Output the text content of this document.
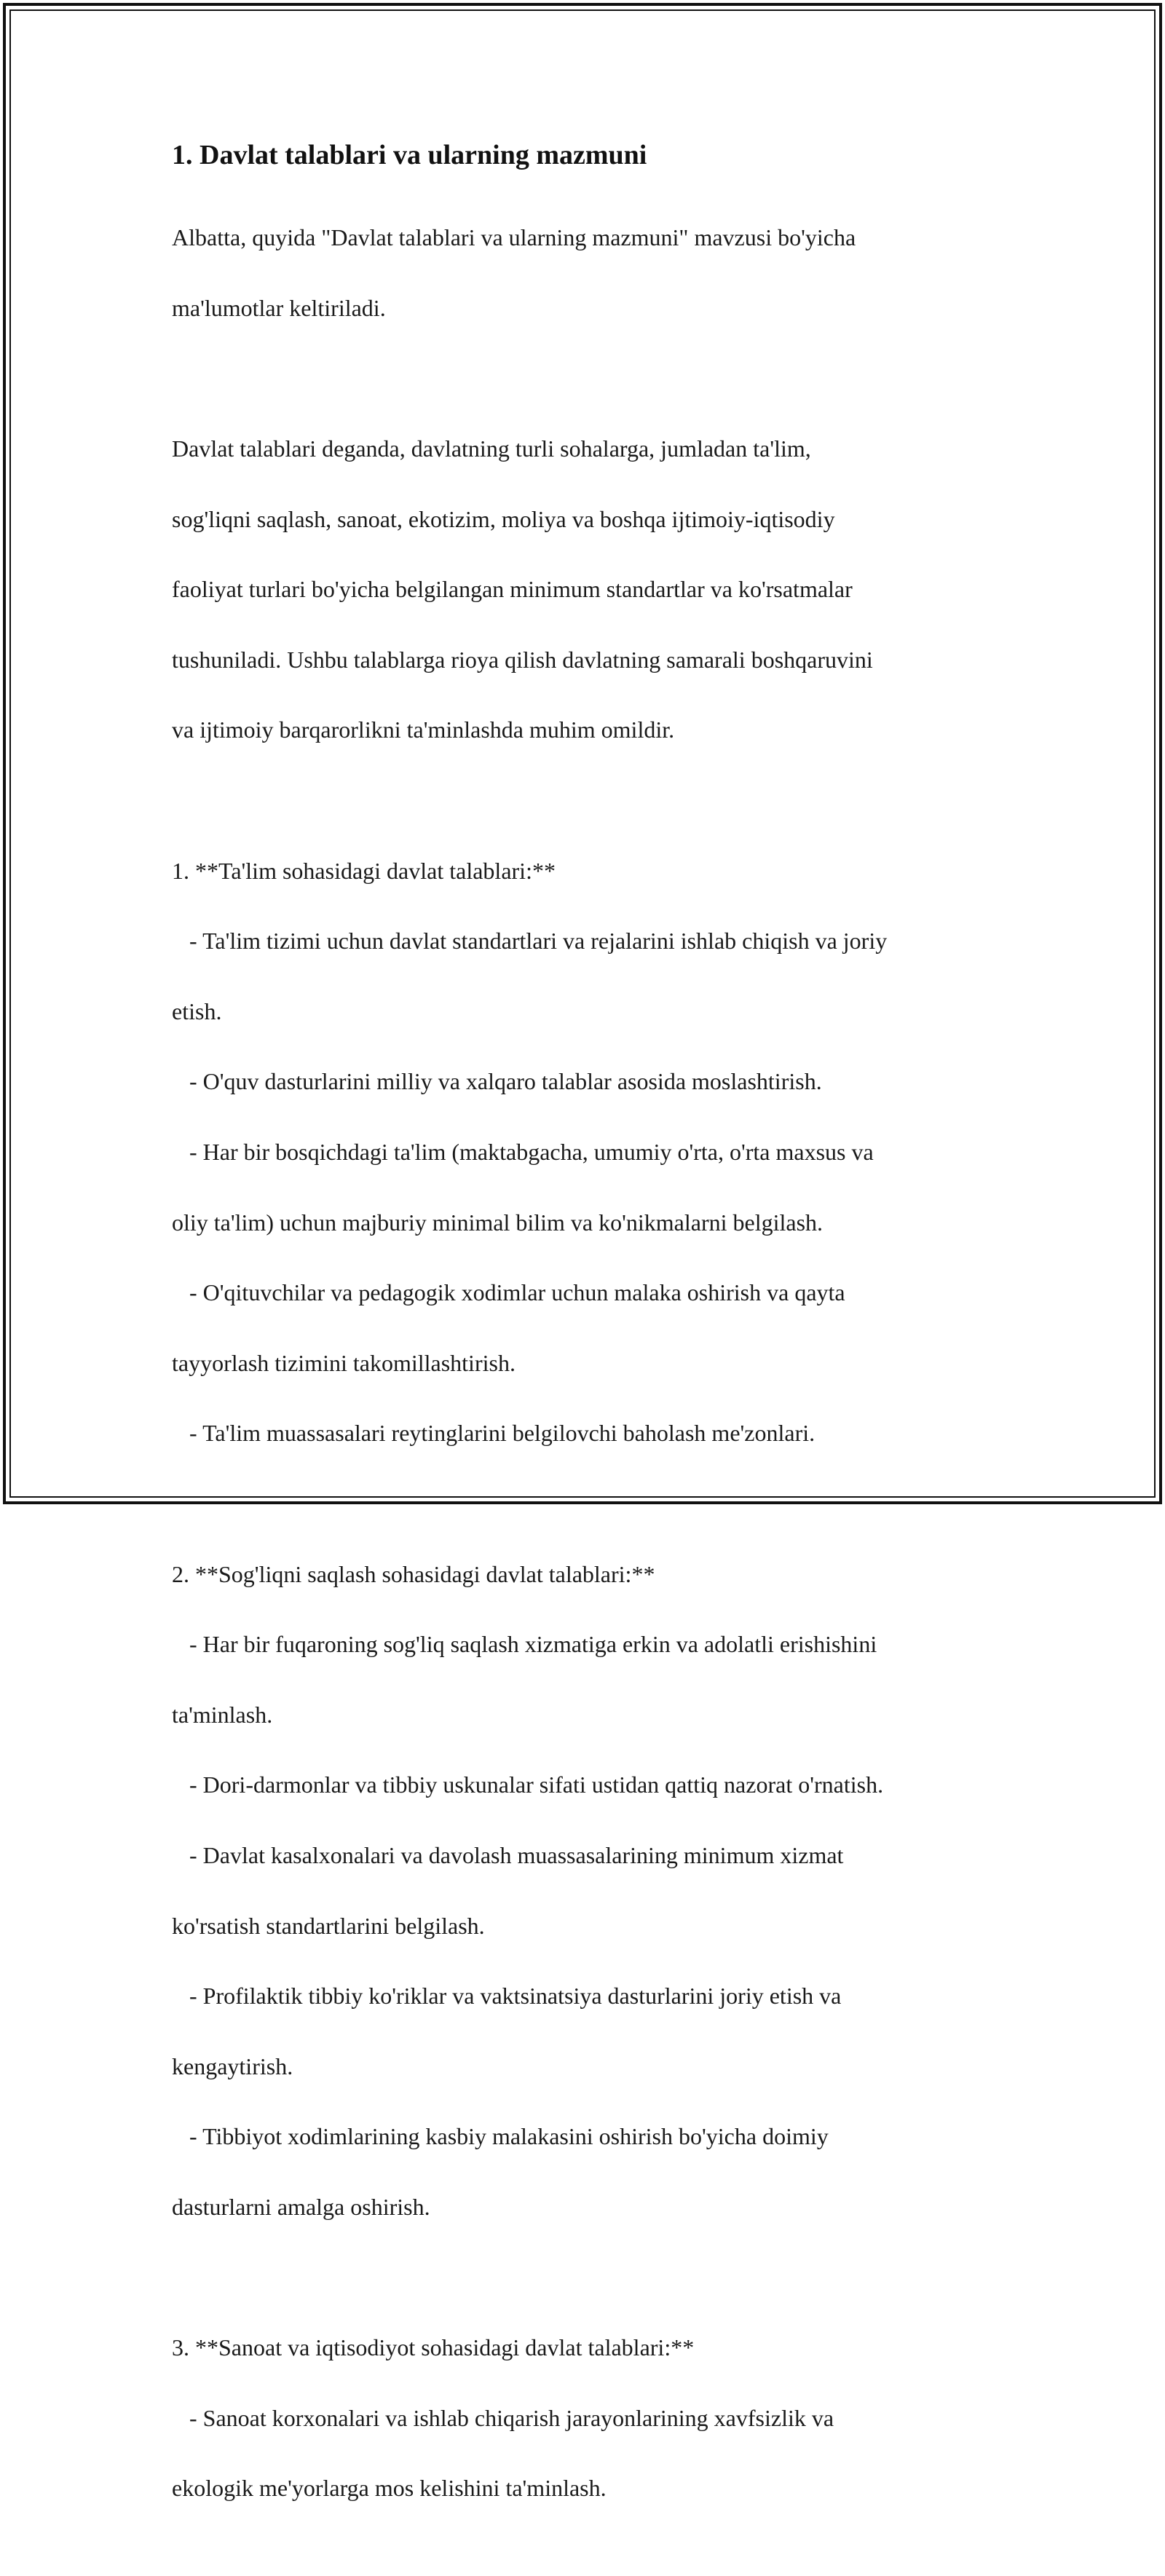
1. Davlat talablari va ularning mazmuni

Albatta, quyida "Davlat talablari va ularning mazmuni" mavzusi bo'yicha

ma'lumotlar keltiriladi.

Davlat talablari deganda, davlatning turli sohalarga, jumladan ta'lim,

sog'liqni saqlash, sanoat, ekotizim, moliya va boshqa ijtimoiy-iqtisodiy

faoliyat turlari bo'yicha belgilangan minimum standartlar va ko'rsatmalar

tushuniladi. Ushbu talablarga rioya qilish davlatning samarali boshqaruvini

va ijtimoiy barqarorlikni ta'minlashda muhim omildir.

1. **Ta'lim sohasidagi davlat talablari:**

- Ta'lim tizimi uchun davlat standartlari va rejalarini ishlab chiqish va joriy

etish.

- O'quv dasturlarini milliy va xalqaro talablar asosida moslashtirish.

- Har bir bosqichdagi ta'lim (maktabgacha, umumiy o'rta, o'rta maxsus va

oliy ta'lim) uchun majburiy minimal bilim va ko'nikmalarni belgilash.

- O'qituvchilar va pedagogik xodimlar uchun malaka oshirish va qayta

tayyorlash tizimini takomillashtirish.

- Ta'lim muassasalari reytinglarini belgilovchi baholash me'zonlari.

2. **Sog'liqni saqlash sohasidagi davlat talablari:**

- Har bir fuqaroning sog'liq saqlash xizmatiga erkin va adolatli erishishini

ta'minlash.

- Dori-darmonlar va tibbiy uskunalar sifati ustidan qattiq nazorat o'rnatish.

- Davlat kasalxonalari va davolash muassasalarining minimum xizmat

ko'rsatish standartlarini belgilash.

- Profilaktik tibbiy ko'riklar va vaktsinatsiya dasturlarini joriy etish va

kengaytirish.

- Tibbiyot xodimlarining kasbiy malakasini oshirish bo'yicha doimiy

dasturlarni amalga oshirish.

3. **Sanoat va iqtisodiyot sohasidagi davlat talablari:**

- Sanoat korxonalari va ishlab chiqarish jarayonlarining xavfsizlik va

ekologik me'yorlarga mos kelishini ta'minlash.
